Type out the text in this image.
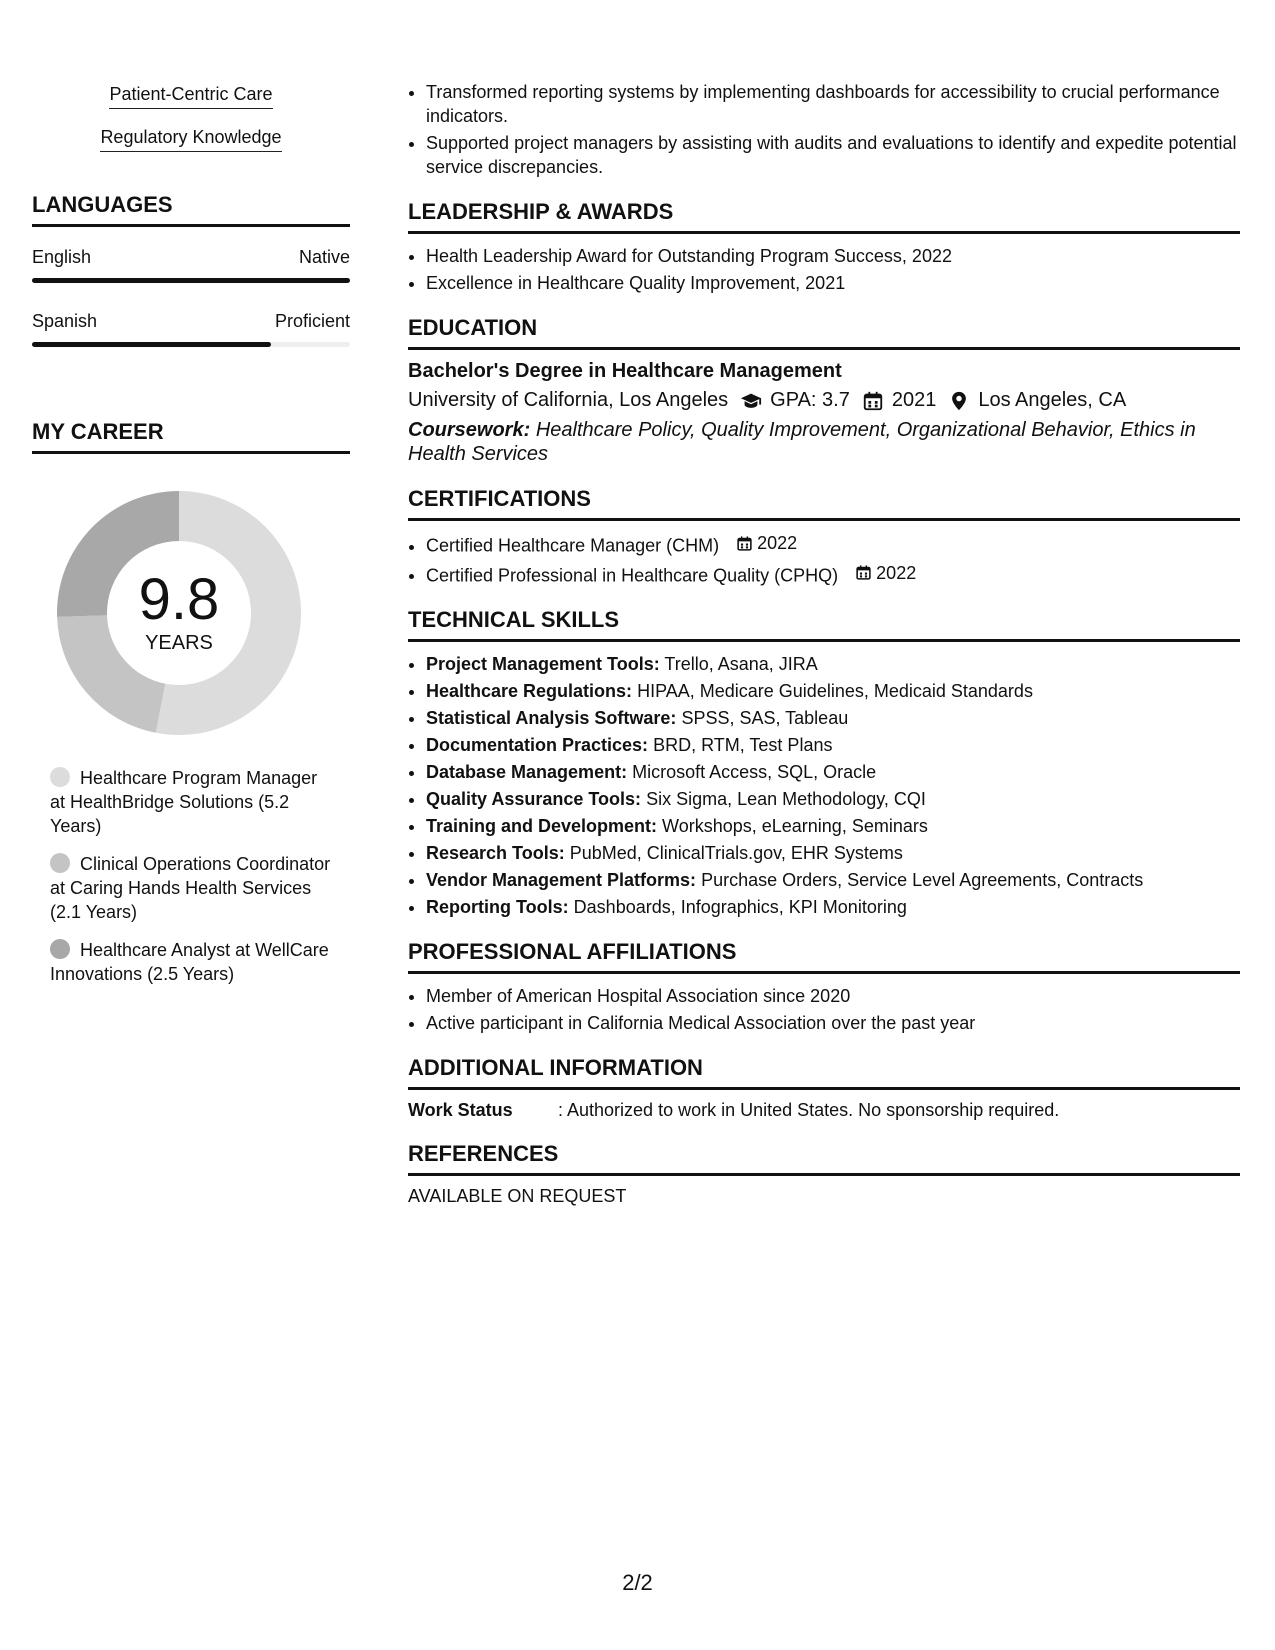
Patient-Centric Care
Regulatory Knowledge
LANGUAGES
English	Native
Spanish	Proficient
MY CAREER
9.8
YEARS
Healthcare Program Manager at HealthBridge Solutions (5.2 Years)
Clinical Operations Coordinator at Caring Hands Health Services (2.1 Years)
Healthcare Analyst at WellCare Innovations (2.5 Years)
• Transformed reporting systems by implementing dashboards for accessibility to crucial performance indicators.
• Supported project managers by assisting with audits and evaluations to identify and expedite potential service discrepancies.
LEADERSHIP & AWARDS
• Health Leadership Award for Outstanding Program Success, 2022
• Excellence in Healthcare Quality Improvement, 2021
EDUCATION
Bachelor's Degree in Healthcare Management
University of California, Los Angeles GPA: 3.7 2021 Los Angeles, CA
Coursework: Healthcare Policy, Quality Improvement, Organizational Behavior, Ethics in Health Services
CERTIFICATIONS
• Certified Healthcare Manager (CHM) 2022
• Certified Professional in Healthcare Quality (CPHQ) 2022
TECHNICAL SKILLS
• Project Management Tools: Trello, Asana, JIRA
• Healthcare Regulations: HIPAA, Medicare Guidelines, Medicaid Standards
• Statistical Analysis Software: SPSS, SAS, Tableau
• Documentation Practices: BRD, RTM, Test Plans
• Database Management: Microsoft Access, SQL, Oracle
• Quality Assurance Tools: Six Sigma, Lean Methodology, CQI
• Training and Development: Workshops, eLearning, Seminars
• Research Tools: PubMed, ClinicalTrials.gov, EHR Systems
• Vendor Management Platforms: Purchase Orders, Service Level Agreements, Contracts
• Reporting Tools: Dashboards, Infographics, KPI Monitoring
PROFESSIONAL AFFILIATIONS
• Member of American Hospital Association since 2020
• Active participant in California Medical Association over the past year
ADDITIONAL INFORMATION
Work Status	: Authorized to work in United States. No sponsorship required.
REFERENCES
AVAILABLE ON REQUEST
2/2
